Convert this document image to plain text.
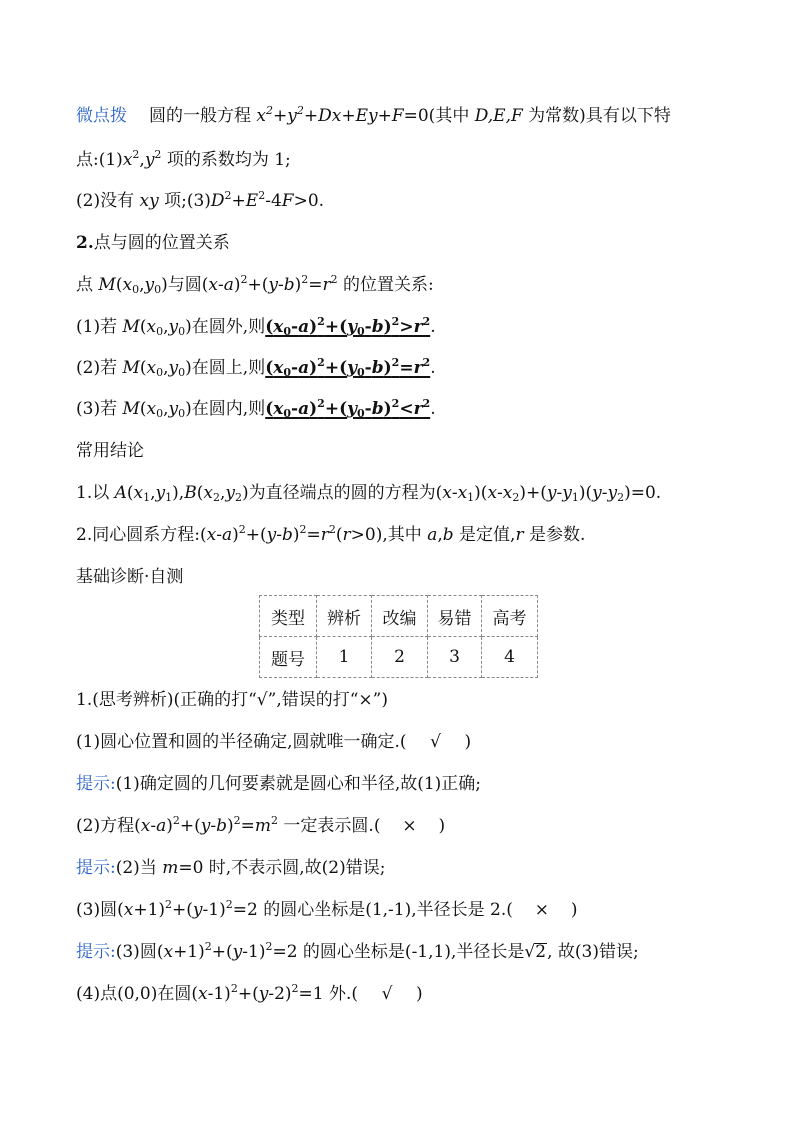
微点拨 圆的一般方程 $x^2+y^2+Dx+Ey+F=0$(其中 D,E,F 为常数)具有以下特
点$:(1)x^2,y^2$ 项的系数均为 1;
(2)没有 xy 项$;(3)D^2+E^2-4F>0$.
2.点与圆的位置关系
点 $M(x_0,y_0)$与圆$(x-a)^2+(y-b)^2=r^2$ 的位置关系:
(1)若 $M(x_0,y_0)$在圆外,则$(x_0-a)^2+(y_0-b)^2>r^2$.
(2)若 $M(x_0,y_0)$在圆上,则$(x_0-a)^2+(y_0-b)^2=r^2$.
(3)若 $M(x_0,y_0)$在圆内,则$(x_0-a)^2+(y_0-b)^2<r^2$.
常用结论
1.以 $A(x_1,y_1),B(x_2,y_2)$为直径端点的圆的方程为$(x-x_1)(x-x_2)+(y-y_1)(y-y_2)=0$.
2.同心圆系方程$:(x-a)^2+(y-b)^2=r^2(r>0)$,其中 a,b 是定值,r 是参数.
基础诊断·自测
类型	辨析	改编	易错	高考
题号	1	2	3	4
1.(思考辨析)(正确的打“√”,错误的打“×”)
(1)圆心位置和圆的半径确定,圆就唯一确定.( √ )
提示:(1)确定圆的几何要素就是圆心和半径,故(1)正确;
(2)方程$(x-a)^2+(y-b)^2=m^2$ 一定表示圆.( × )
提示:(2)当 m=0 时,不表示圆,故(2)错误;
(3)圆$(x+1)^2+(y-1)^2=2$ 的圆心坐标是(1,-1),半径长是 2.( × )
提示:(3)圆$(x+1)^2+(y-1)^2=2$ 的圆心坐标是(-1,1),半径长是√2, 故(3)错误;
(4)点(0,0)在圆$(x-1)^2+(y-2)^2=1$ 外.( √ )
